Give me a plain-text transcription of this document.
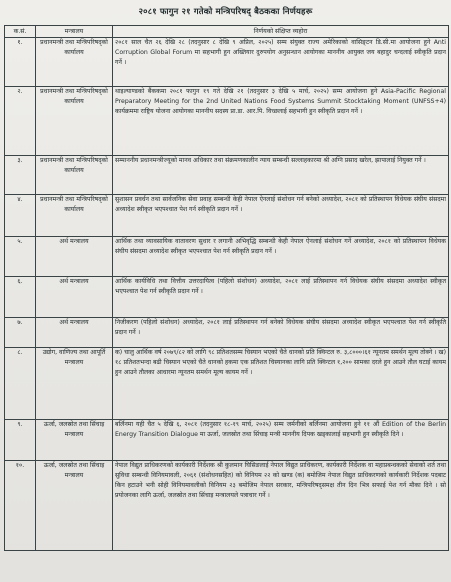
२०८१ फागुन २१ गतेको मन्त्रिपरिषद् बैठकका निर्णयहरू
क.सं.	मन्त्रालय	निर्णयको संक्षिप्त व्यहोरा
१.	प्रधानमन्त्री तथा मन्त्रिपरिषद्को कार्यालय	२०८१ साल चैत २६ देखि २८ (तदनुसार ८ देखि ९ अप्रिल, २०२५) सम्म संयुक्त राज्य अमेरिकाको वासिङ्टन डि.सी.मा आयोजना हुने Anti Corruption Global Forum मा सहभागी हुन अख्तियार दुरुपयोग अनुसन्धान आयोगका माननीय आयुक्त जय बहादुर चन्दलाई स्वीकृति प्रदान गर्ने ।
२.	प्रधानमन्त्री तथा मन्त्रिपरिषद्को कार्यालय	थाइल्याण्डको बैंककमा २०८१ फागुन १९ गते देखि २१ (तदनुसार ३ देखि ५ मार्च, २०२५) सम्म आयोजना हुने Asia-Pacific Regional Preparatory Meeting for the 2nd United Nations Food Systems Summit Stocktaking Moment (UNFSS+4) कार्यक्रममा राष्ट्रिय योजना आयोगका माननीय सदस्य प्रा.डा. आर.पि. विच्छलाई सहभागी हुन स्वीकृति प्रदान गर्ने ।
३.	प्रधानमन्त्री तथा मन्त्रिपरिषद्को कार्यालय	सम्माननीय प्रधानमन्त्रीज्यूको मानव अधिकार तथा संक्रमणकालीन न्याय सम्बन्धी सल्लाहकारमा श्री अग्नि प्रसाद खरेल, झापालाई नियुक्त गर्ने ।
४.	प्रधानमन्त्री तथा मन्त्रिपरिषद्को कार्यालय	सुशासन प्रवर्धन तथा सार्वजनिक सेवा प्रवाह सम्बन्धी केही नेपाल ऐनलाई संशोधन गर्न बनेको अध्यादेश, २०८१ को प्रतिस्थापन विधेयक संघीय संसदमा अध्यादेश स्वीकृत भएपश्चात पेश गर्न स्वीकृति प्रदान गर्ने ।
५.	अर्थ मन्त्रालय	आर्थिक तथा व्यावसायिक वातावरण सुधार र लगानी अभिवृद्धि सम्बन्धी केही नेपाल ऐनलाई संशोधन गर्ने अध्यादेश, २०८१ को प्रतिस्थापन विधेयक संघीय संसदमा अध्यादेश स्वीकृत भएपश्चात पेश गर्न स्वीकृति प्रदान गर्ने ।
६.	अर्थ मन्त्रालय	आर्थिक कार्यविधि तथा वित्तीय उत्तरदायित्व (पहिलो संशोधन) अध्यादेश, २०८१ लाई प्रतिस्थापन गर्न विधेयक संघीय संसदमा अध्यादेश स्वीकृत भएपश्चात पेश गर्न स्वीकृति प्रदान गर्ने ।
७.	अर्थ मन्त्रालय	निजीकरण (पहिलो संशोधन) अध्यादेश, २०८१ लाई प्रतिस्थापन गर्न बनेको विधेयक संघीय संसदमा अध्यादेश स्वीकृत भएपश्चात पेश गर्न स्वीकृति प्रदान गर्ने ।
८.	उद्योग, वाणिज्य तथा आपूर्ति मन्त्रालय	क) चालु आर्थिक वर्ष २०७९/८२ को लागि ९८ प्रतिशतसम्म चिस्यान भएको चैते धानको प्रति क्विन्टल रु. ३,८०००।६१ न्यूनतम समर्थन मूल्य तोक्ने । ख) १८ प्रतिशतभन्दा बढी चिस्यान भएको चैते धानको हकमा एक प्रतिशत चिस्यानका लागि प्रति क्विन्टल १,२०० सामका दरले हुन आउने तौल घटाई कायम हुन आउने तौलका आधारमा न्यूनतम समर्थन मूल्य कायम गर्ने ।
९.	ऊर्जा, जलस्रोत तथा सिंचाइ मन्त्रालय	बर्लिनमा यही चैत ५ देखि ६, २०८१ (तदनुसार १८-१९ मार्च, २०२५) सम्म जर्मनीको बर्लिनमा आयोजना हुने ११ औं Edition of the Berlin Energy Transition Dialogue मा ऊर्जा, जलस्रोत तथा सिंचाइ मन्त्री माननीय दिपक खड्कालाई सहभागी हुन स्वीकृति दिने ।
१०.	ऊर्जा, जलस्रोत तथा सिंचाइ मन्त्रालय	नेपाल विद्युत प्राधिकरणको कार्यकारी निर्देशक श्री कुलमान घिसिङलाई नेपाल विद्युत प्राधिकरण, कार्यकारी निर्देशक वा महाप्रबन्धकको सेवाको शर्त तथा सुविधा सम्बन्धी विनियमावली, २०६१ (संशोधनसहित) को विनियम २२ को खण्ड (क) बमोजिम नेपाल विद्युत प्राधिकरणको कार्यकारी निर्देशक पदबाट किन हटाउने भनी सोही विनियमावलीको विनियम २३ बमोजिम नेपाल सरकार, मन्त्रिपरिषद्समक्ष तीन दिन भित्र सफाई पेश गर्न मौका दिने । सो प्रयोजनका लागि ऊर्जा, जलस्रोत तथा सिंचाइ मन्त्रालयले पत्राचार गर्ने ।
